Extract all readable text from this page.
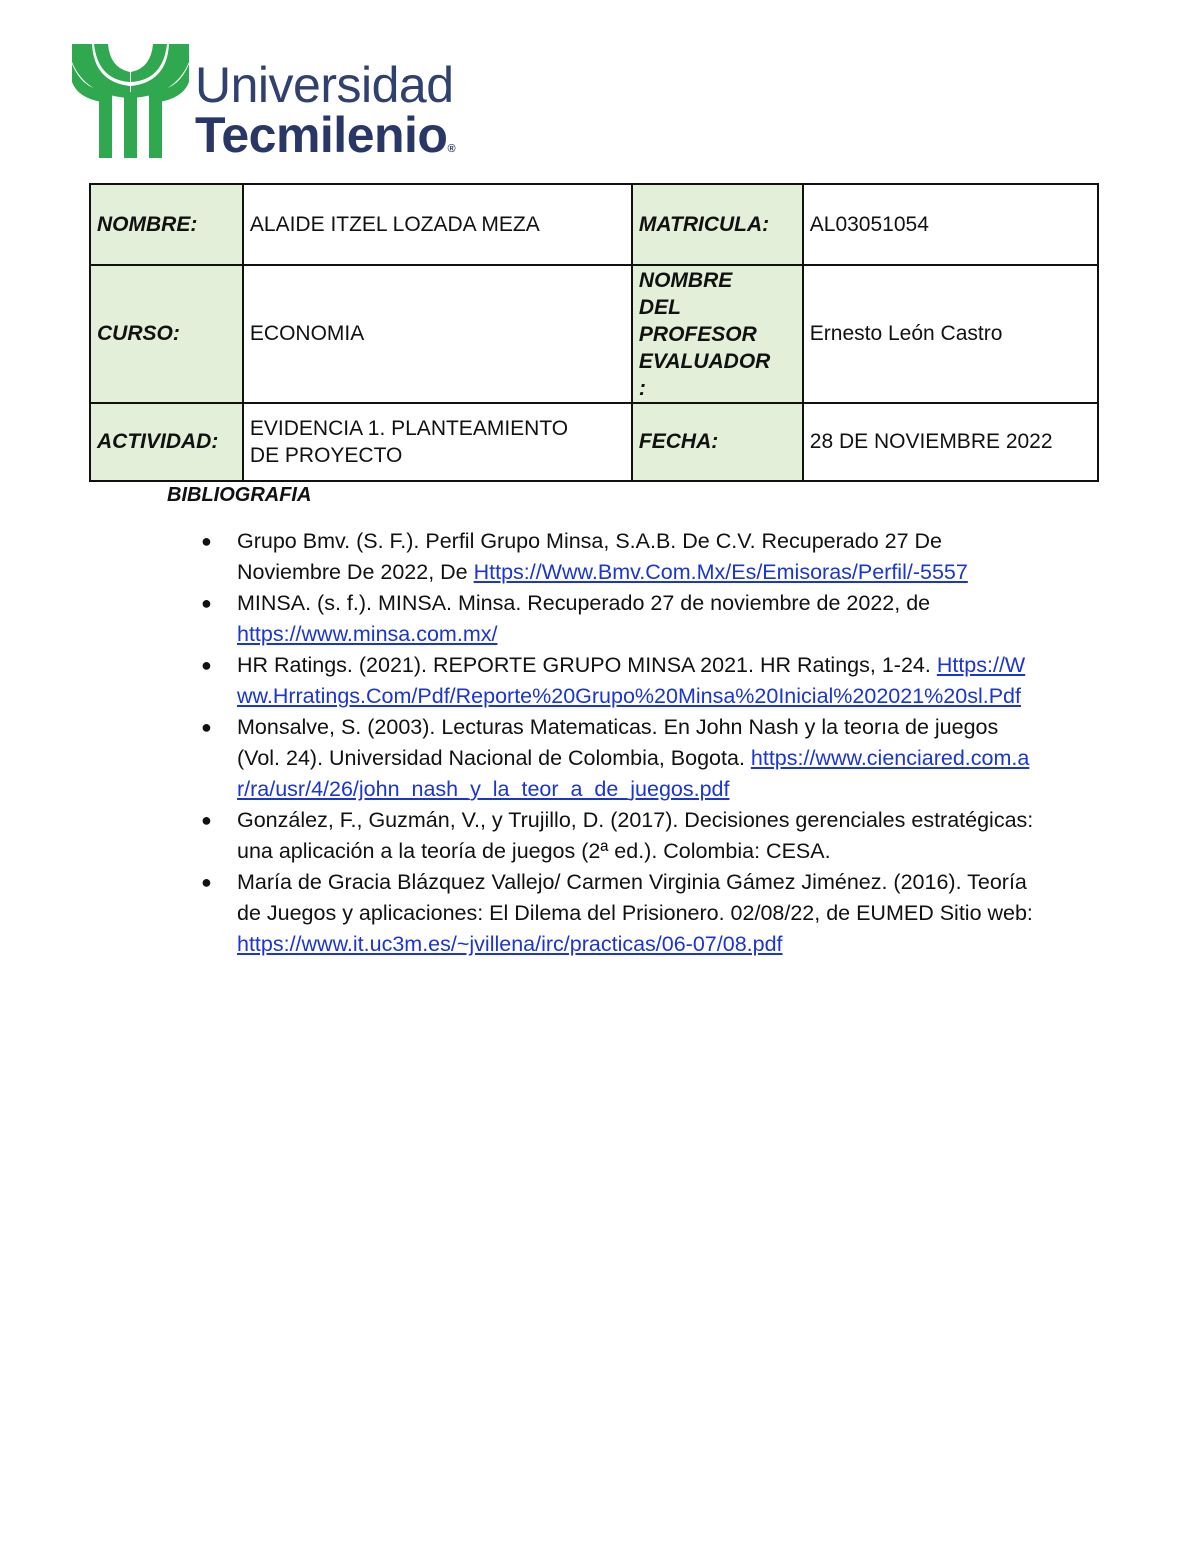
Universidad
Tecmilenio®
NOMBRE:	ALAIDE ITZEL LOZADA MEZA	MATRICULA:	AL03051054
CURSO:	ECONOMIA	NOMBRE
DEL
PROFESOR
EVALUADOR
:	Ernesto León Castro
ACTIVIDAD:	EVIDENCIA 1. PLANTEAMIENTO
DE PROYECTO	FECHA:	28 DE NOVIEMBRE 2022
BIBLIOGRAFIA
● Grupo Bmv. (S. F.). Perfil Grupo Minsa, S.A.B. De C.V. Recuperado 27 De Noviembre De 2022, De Https://Www.Bmv.Com.Mx/Es/Emisoras/Perfil/-5557
● MINSA. (s. f.). MINSA. Minsa. Recuperado 27 de noviembre de 2022, de https://www.minsa.com.mx/
● HR Ratings. (2021). REPORTE GRUPO MINSA 2021. HR Ratings, 1-24. Https://Www.Hrratings.Com/Pdf/Reporte%20Grupo%20Minsa%20Inicial%202021%20sl.Pdf
● Monsalve, S. (2003). Lecturas Matematicas. En John Nash y la teorıa de juegos (Vol. 24). Universidad Nacional de Colombia, Bogota. https://www.cienciared.com.ar/ra/usr/4/26/john_nash_y_la_teor_a_de_juegos.pdf
● González, F., Guzmán, V., y Trujillo, D. (2017). Decisiones gerenciales estratégicas: una aplicación a la teoría de juegos (2ª ed.). Colombia: CESA.
● María de Gracia Blázquez Vallejo/ Carmen Virginia Gámez Jiménez. (2016). Teoría de Juegos y aplicaciones: El Dilema del Prisionero. 02/08/22, de EUMED Sitio web: https://www.it.uc3m.es/~jvillena/irc/practicas/06-07/08.pdf
